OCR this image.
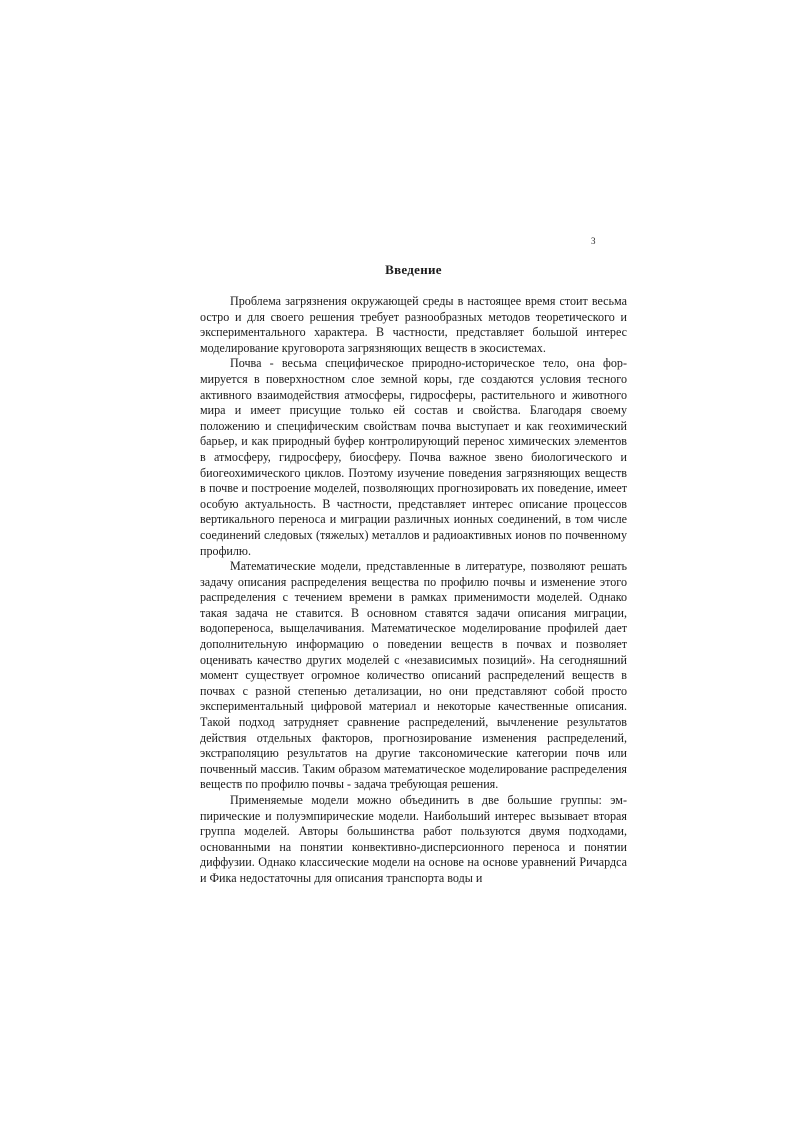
3
Введение

Проблема загрязнения окружающей среды в настоящее время стоит весьма остро и для своего решения требует разнообразных методов теоретического и экспериментального характера. В частности, представляет большой интерес моделирование круговорота загрязняющих веществ в экосистемах.

Почва - весьма специфическое природно-историческое тело, она формируется в поверхностном слое земной коры, где создаются условия тесного активного взаимодействия атмосферы, гидросферы, растительного и животного мира и имеет присущие только ей состав и свойства. Благодаря своему положению и специфическим свойствам почва выступает и как геохимический барьер, и как природный буфер контролирующий перенос химических элементов в атмосферу, гидросферу, биосферу. Почва важное звено биологического и биогеохимического циклов. Поэтому изучение поведения загрязняющих веществ в почве и построение моделей, позволяющих прогнозировать их поведение, имеет особую актуальность. В частности, представляет интерес описание процессов вертикального переноса и миграции различных ионных соединений, в том числе соединений следовых (тяжелых) металлов и радиоактивных ионов по почвенному профилю.

Математические модели, представленные в литературе, позволяют решать задачу описания распределения вещества по профилю почвы и изменение этого распределения с течением времени в рамках применимости моделей. Однако такая задача не ставится. В основном ставятся задачи описания миграции, водопереноса, выщелачивания. Математическое моделирование профилей дает дополнительную информацию о поведении веществ в почвах и позволяет оценивать качество других моделей с «независимых позиций». На сегодняшний момент существует огромное количество описаний распределений веществ в почвах с разной степенью детализации, но они представляют собой просто экспериментальный цифровой материал и некоторые качественные описания. Такой подход затрудняет сравнение распределений, вычленение результатов действия отдельных факторов, прогнозирование изменения распределений, экстраполяцию результатов на другие таксономические категории почв или почвенный массив. Таким образом математическое моделирование распределения веществ по профилю почвы - задача требующая решения.

Применяемые модели можно объединить в две большие группы: эмпирические и полуэмпирические модели. Наибольший интерес вызывает вторая группа моделей. Авторы большинства работ пользуются двумя подходами, основанными на понятии конвективно-дисперсионного переноса и понятии диффузии. Однако классические модели на основе на основе уравнений Ричардса и Фика недостаточны для описания транспорта воды и
